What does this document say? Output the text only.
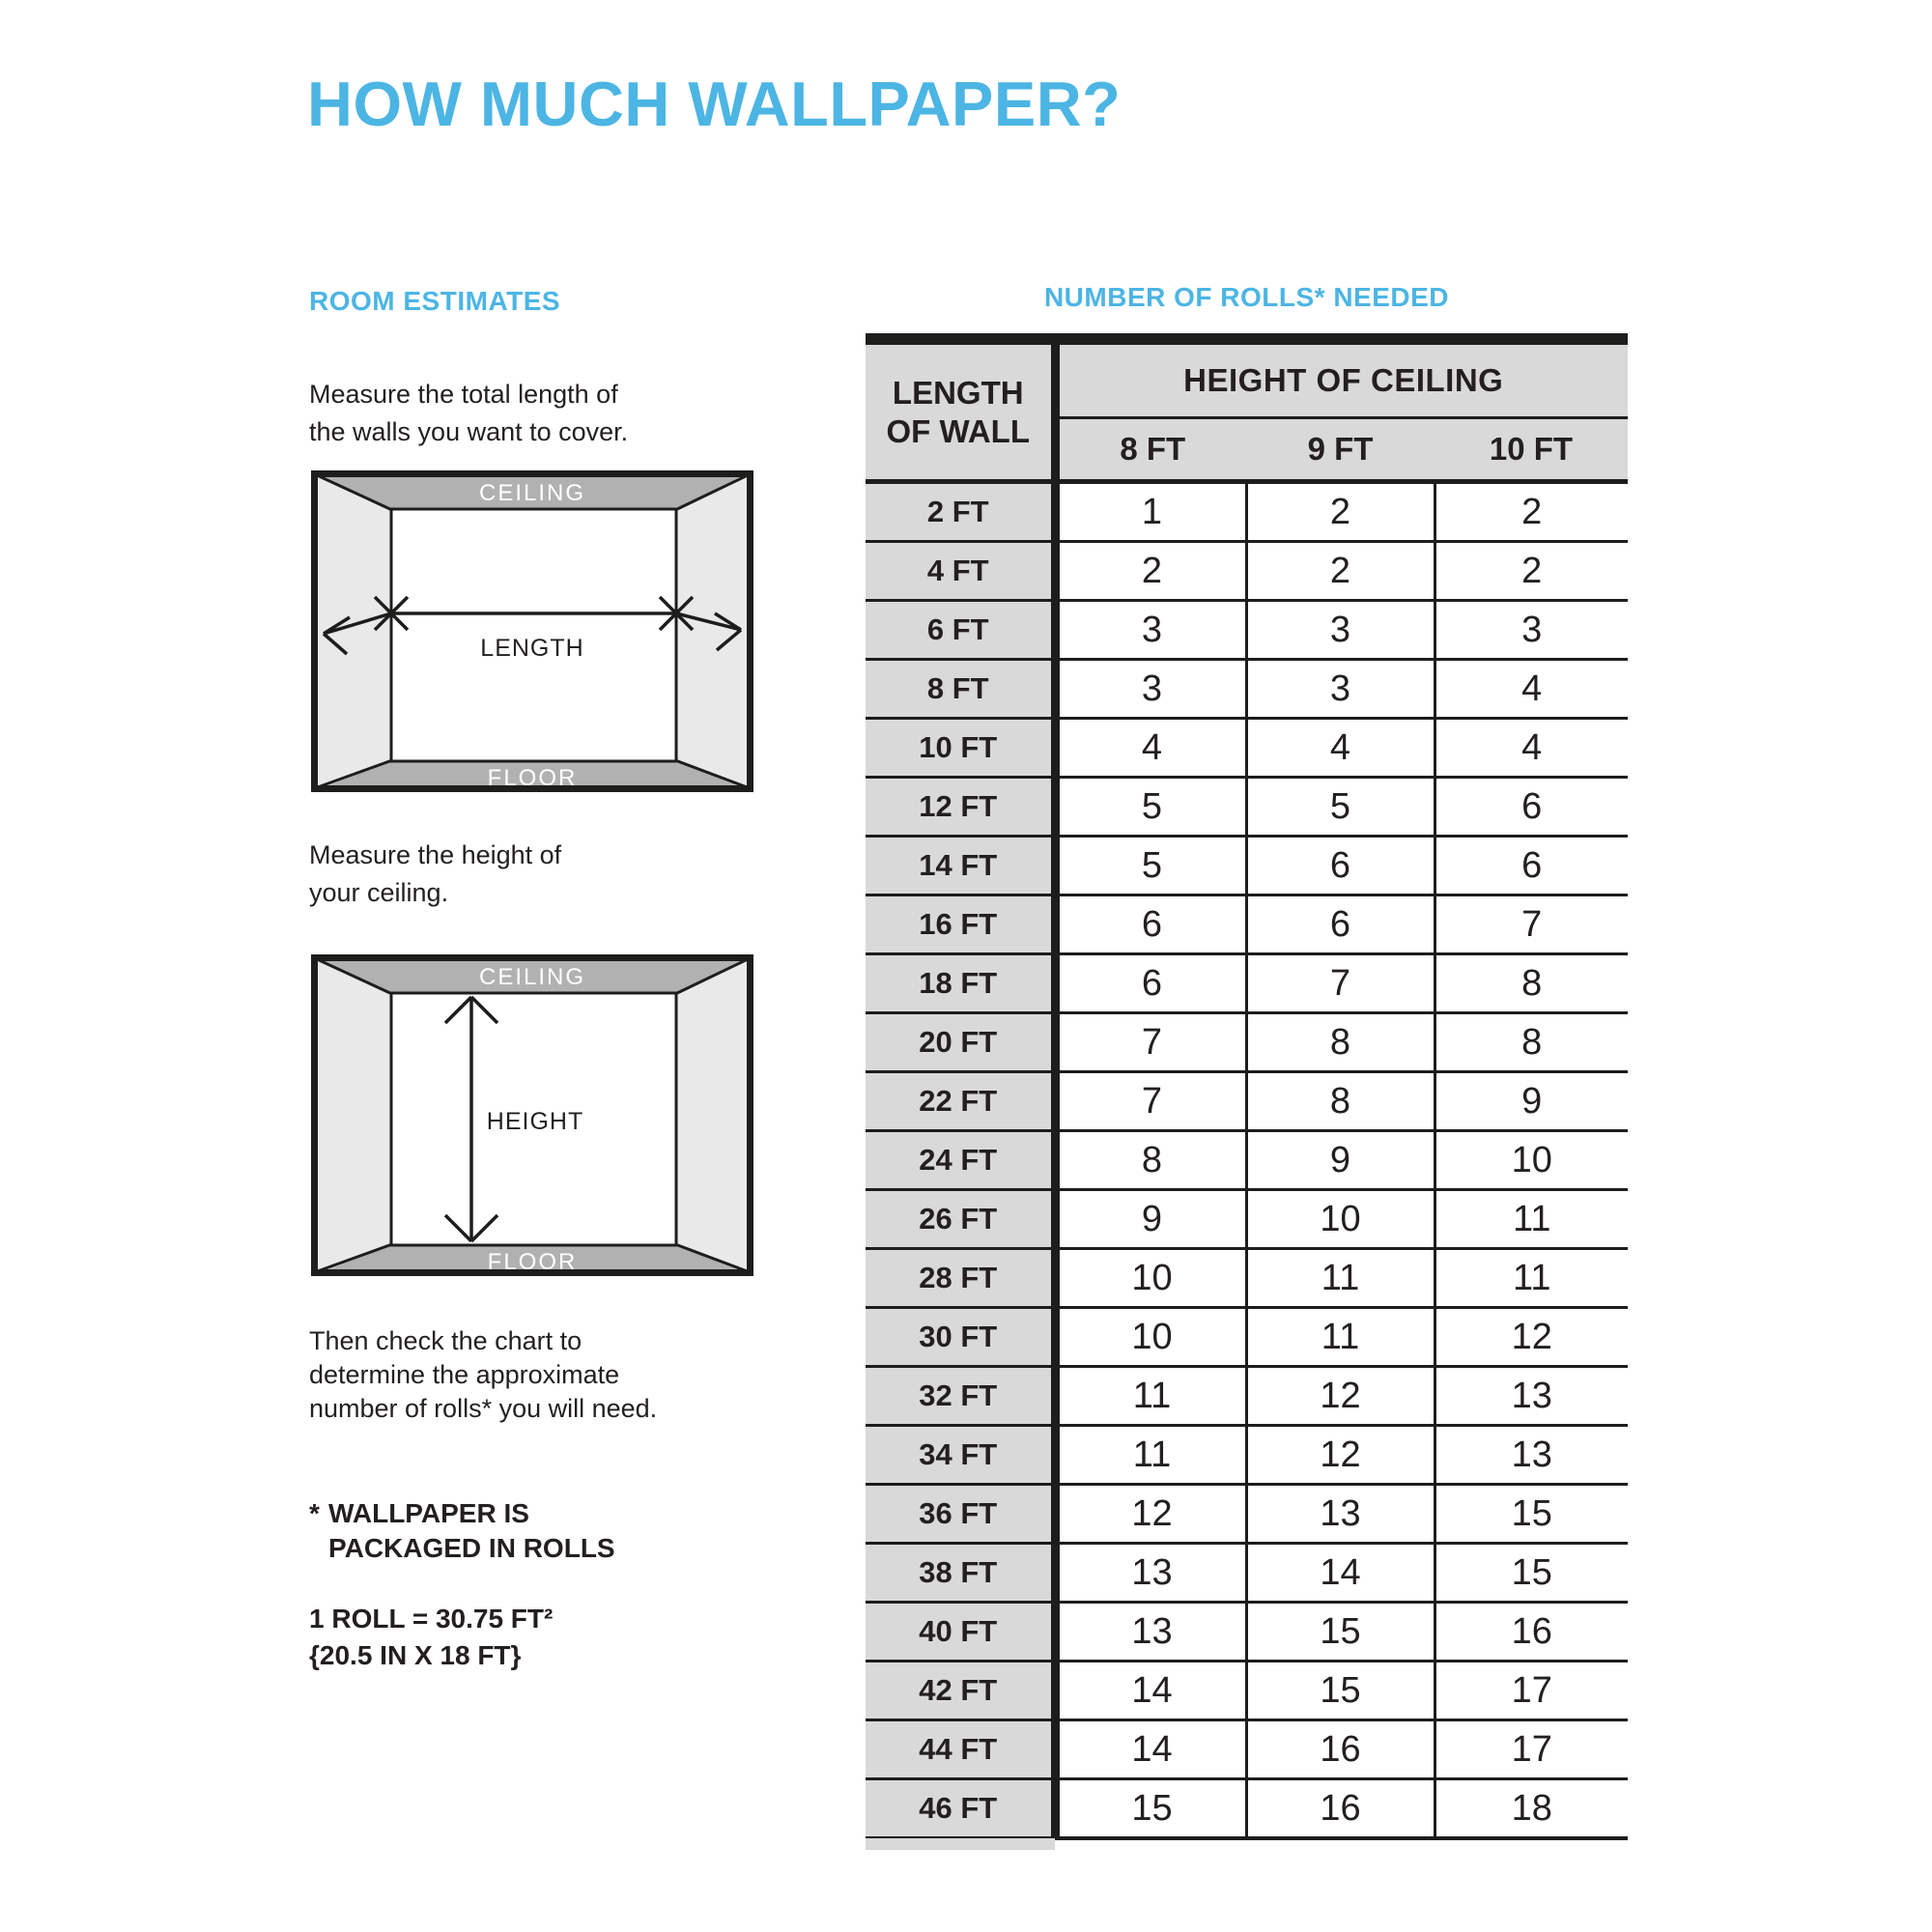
HOW MUCH WALLPAPER?
ROOM ESTIMATES
Measure the total length of
the walls you want to cover.
CEILING
FLOOR
LENGTH
Measure the height of
your ceiling.
CEILING
FLOOR
HEIGHT
Then check the chart to
determine the approximate
number of rolls* you will need.
* WALLPAPER IS
PACKAGED IN ROLLS
1 ROLL = 30.75 FT²
{20.5 IN X 18 FT}
NUMBER OF ROLLS* NEEDED
LENGTH
OF WALL	HEIGHT OF CEILING		
	8 FT	9 FT	10 FT
2 FT	1	2	2
4 FT	2	2	2
6 FT	3	3	3
8 FT	3	3	4
10 FT	4	4	4
12 FT	5	5	6
14 FT	5	6	6
16 FT	6	6	7
18 FT	6	7	8
20 FT	7	8	8
22 FT	7	8	9
24 FT	8	9	10
26 FT	9	10	11
28 FT	10	11	11
30 FT	10	11	12
32 FT	11	12	13
34 FT	11	12	13
36 FT	12	13	15
38 FT	13	14	15
40 FT	13	15	16
42 FT	14	15	17
44 FT	14	16	17
46 FT	15	16	18
